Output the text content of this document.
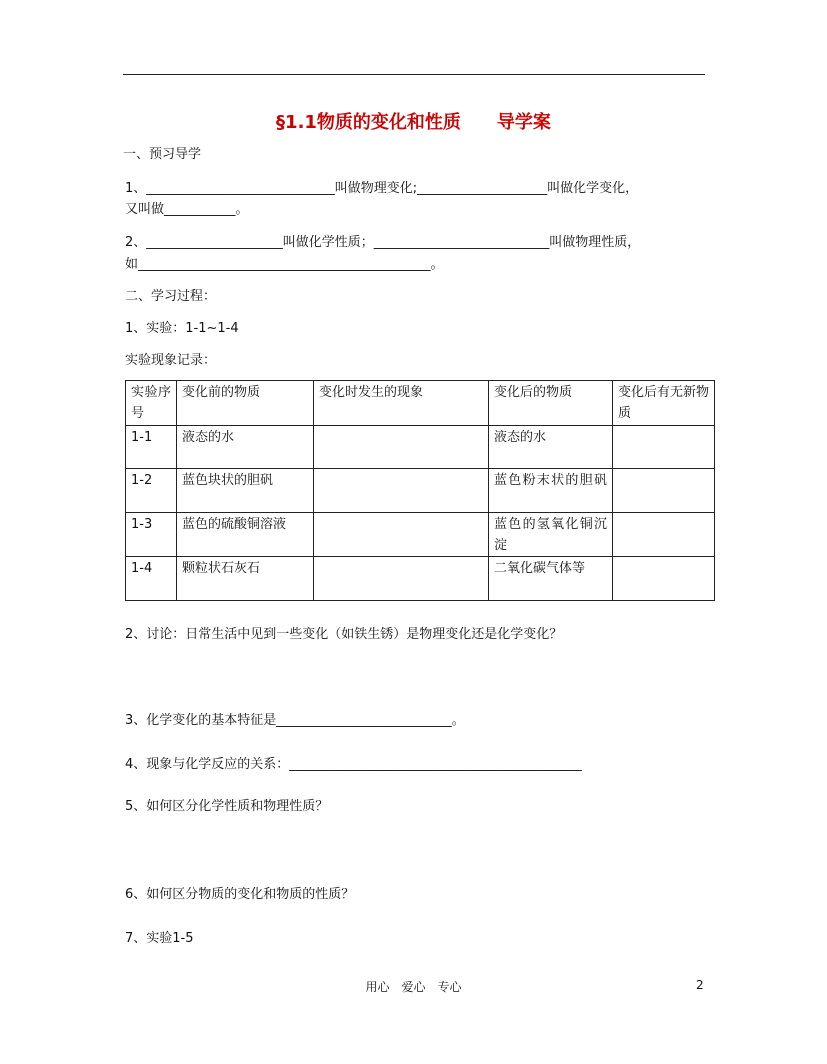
§1.1物质的变化和性质　　导学案
一、预习导学
1、_____________________________叫做物理变化;____________________叫做化学变化，
又叫做___________。
2、_____________________叫做化学性质；___________________________叫做物理性质，
如_____________________________________________。
二、学习过程：
1、实验：1-1~1-4
实验现象记录：
实验序号	变化前的物质	变化时发生的现象	变化后的物质	变化后有无新物质
1-1	液态的水		液态的水	
1-2	蓝色块状的胆矾		蓝色粉末状的胆矾	
1-3	蓝色的硫酸铜溶液		蓝色的氢氧化铜沉淀	
1-4	颗粒状石灰石		二氧化碳气体等	
2、讨论：日常生活中见到一些变化（如铁生锈）是物理变化还是化学变化？
3、化学变化的基本特征是___________________________。
4、现象与化学反应的关系：_____________________________________________
5、如何区分化学性质和物理性质？
6、如何区分物质的变化和物质的性质？
7、实验1-5
用心　爱心　专心	2
